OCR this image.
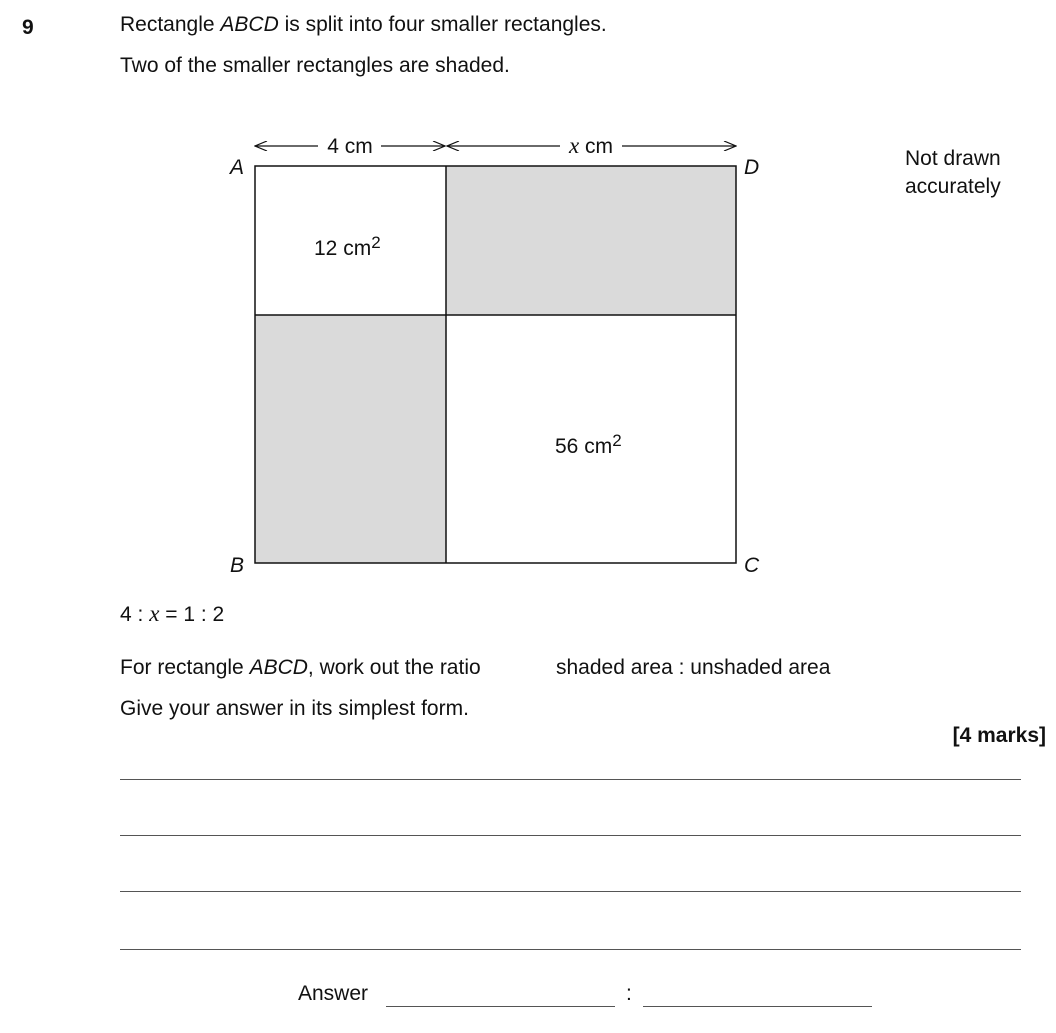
9	Rectangle ABCD is split into four smaller rectangles.
Two of the smaller rectangles are shaded.
4 cm	x cm
A	D
B	C
12 $cm^2$
56 $cm^2$
Not drawn
accurately
4 : x = 1 : 2
For rectangle ABCD, work out the ratio	shaded area : unshaded area
Give your answer in its simplest form.
[4 marks]
Answer	:
